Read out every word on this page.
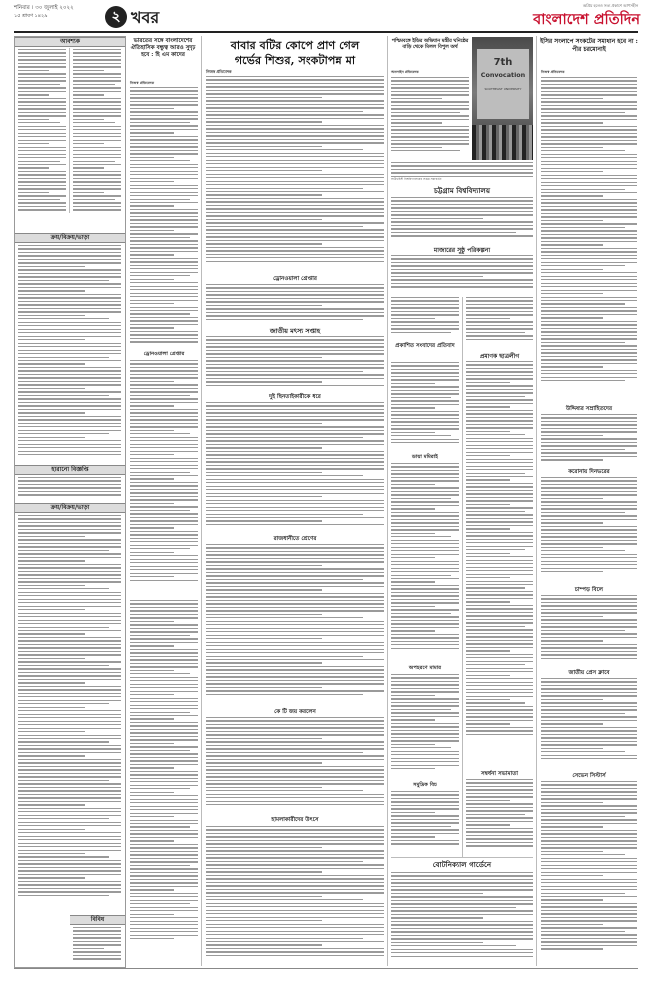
শনিবার । ৩০ জুলাই ২০২২
১৫ শ্রাবণ ১৪২৯	২ খবর
অপ্রিয় হলেও সত্য প্রকাশে আপসহীন
বাংলাদেশ প্রতিদিন
আবশ্যক
ক্রয়/বিক্রয়/ভাড়া
হারানো বিজ্ঞপ্তি
ক্রয়/বিক্রয়/ভাড়া
বিবিধ
ভারতের সঙ্গে বাংলাদেশের ঐতিহাসিক বন্ধুত্ব আরও সুদৃঢ় হবে : হি এম কাদের
নিজস্ব প্রতিবেদক
ড্রোনওয়ালা গ্রেপ্তার
বাবার বটির কোপে প্রাণ গেল
গর্ভের শিশুর, সংকটাপন্ন মা
নিজস্ব প্রতিবেদক
ড্রোনওয়ালা গ্রেপ্তার
জাতীয় মৎস্য সপ্তাহ
দুই ছিনতাইকারীকে ধরে
রাজধানীতে শ্রেণের
কে টি জয় করলেন
হামলাকারীদের উৎসে
পশ্চিমবঙ্গে ইডির অভিযান মন্ত্রীর ঘনিষ্ঠের বাড়ি থেকে মিলল বিপুল অর্থ
অনলাইন প্রতিবেদক
7th
Convocation
SOUTHEAST UNIVERSITY
সাউথইস্ট বিশ্ববিদ্যালয়ের সপ্তম সমাবর্তন
চট্টগ্রাম বিশ্ববিদ্যালয়
মাজারের সুষ্ঠু পরিকল্পনা
প্রকাশিত সংবাদের প্রতিবাদ
ডায়া মমিরাই
অপহরণে মামার
সমুদ্রিক বিচ
প্রমাণক ছাত্রলীগ
সম্বর্ধনা সভামাতা
বোটনিক্যাল গার্ডেনে
ইসির সংলাপে সংকটের সমাধান হবে না : পীর চরমোনাই
নিজস্ব প্রতিবেদক
উদ্দিষ্যর সম্রাহিতদের
করোনায় দিনভরের
চাম্পড় বিলে
জাতীয় প্রেস ক্লাবে
সেভেন সিস্টার্স
